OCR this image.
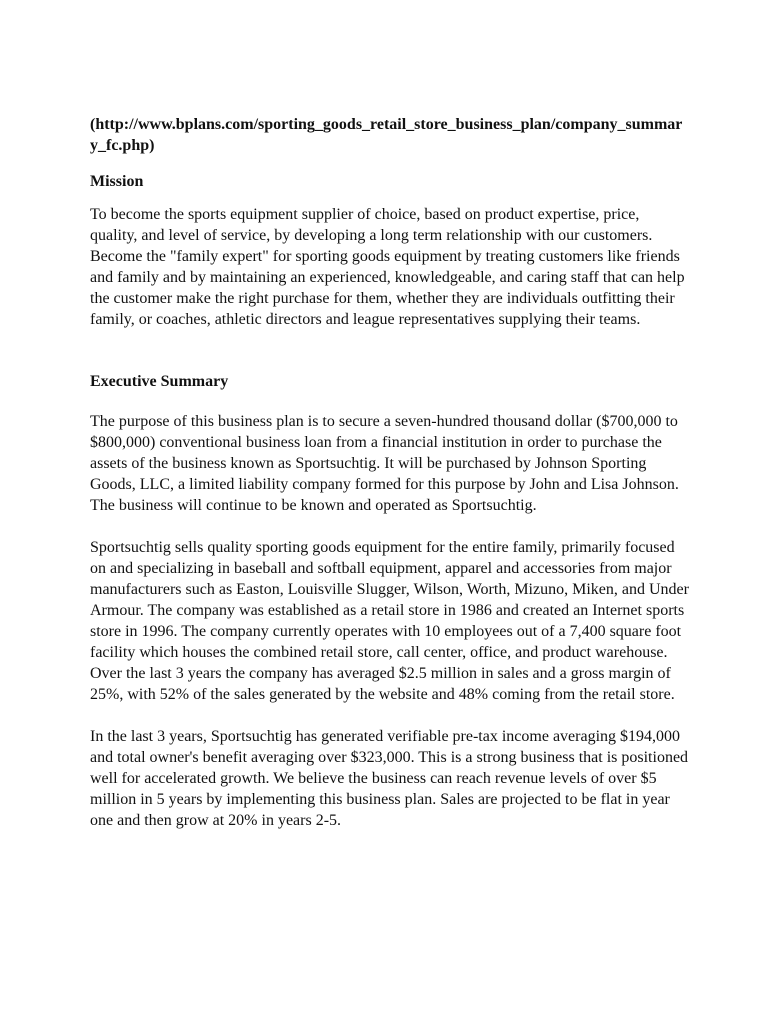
(http://www.bplans.com/sporting_goods_retail_store_business_plan/company_summary_fc.php)

Mission

To become the sports equipment supplier of choice, based on product expertise, price, quality, and level of service, by developing a long term relationship with our customers. Become the "family expert" for sporting goods equipment by treating customers like friends and family and by maintaining an experienced, knowledgeable, and caring staff that can help the customer make the right purchase for them, whether they are individuals outfitting their family, or coaches, athletic directors and league representatives supplying their teams.

Executive Summary

The purpose of this business plan is to secure a seven-hundred thousand dollar ($700,000 to $800,000) conventional business loan from a financial institution in order to purchase the assets of the business known as Sportsuchtig. It will be purchased by Johnson Sporting Goods, LLC, a limited liability company formed for this purpose by John and Lisa Johnson. The business will continue to be known and operated as Sportsuchtig.

Sportsuchtig sells quality sporting goods equipment for the entire family, primarily focused on and specializing in baseball and softball equipment, apparel and accessories from major manufacturers such as Easton, Louisville Slugger, Wilson, Worth, Mizuno, Miken, and Under Armour. The company was established as a retail store in 1986 and created an Internet sports store in 1996. The company currently operates with 10 employees out of a 7,400 square foot facility which houses the combined retail store, call center, office, and product warehouse. Over the last 3 years the company has averaged $2.5 million in sales and a gross margin of 25%, with 52% of the sales generated by the website and 48% coming from the retail store.

In the last 3 years, Sportsuchtig has generated verifiable pre-tax income averaging $194,000 and total owner's benefit averaging over $323,000. This is a strong business that is positioned well for accelerated growth. We believe the business can reach revenue levels of over $5 million in 5 years by implementing this business plan. Sales are projected to be flat in year one and then grow at 20% in years 2-5.
